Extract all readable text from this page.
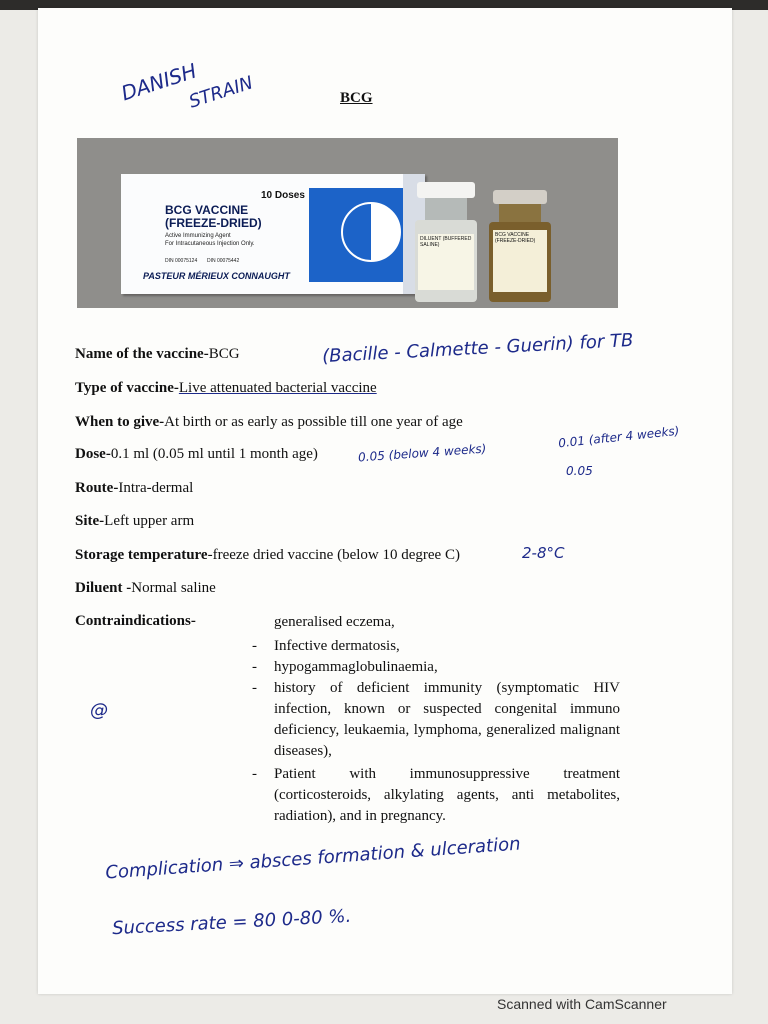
DANISH
STRAIN	BCG
10 Doses
BCG VACCINE
(FREEZE-DRIED)
Active Immunizing Agent
For Intracutaneous Injection Only.
DIN 00075124 DIN 00075442
PASTEUR MÉRIEUX CONNAUGHT
DILUENT (BUFFERED SALINE)
BCG VACCINE (FREEZE-DRIED)
Name of the vaccine-BCG	(Bacille - Calmette - Guerin) for TB
Type of vaccine-Live attenuated bacterial vaccine
When to give-At birth or as early as possible till one year of age
Dose-0.1 ml (0.05 ml until 1 month age)	0.05 (below 4 weeks)
0.01 (after 4 weeks)
0.05
Route-Intra-dermal
Site-Left upper arm
Storage temperature-freeze dried vaccine (below 10 degree C)	2-8°C
Diluent -Normal saline
Contraindications-	generalised eczema,
- Infective dermatosis,
- hypogammaglobulinaemia,
- history of deficient immunity (symptomatic HIV infection, known or suspected congenital immuno deficiency, leukaemia, lymphoma, generalized malignant diseases),
- Patient with immunosuppressive treatment (corticosteroids, alkylating agents, anti metabolites, radiation), and in pregnancy.
@
Complication ⇒ absces formation & ulceration
Success rate = 80 0-80 %.
Scanned with CamScanner
